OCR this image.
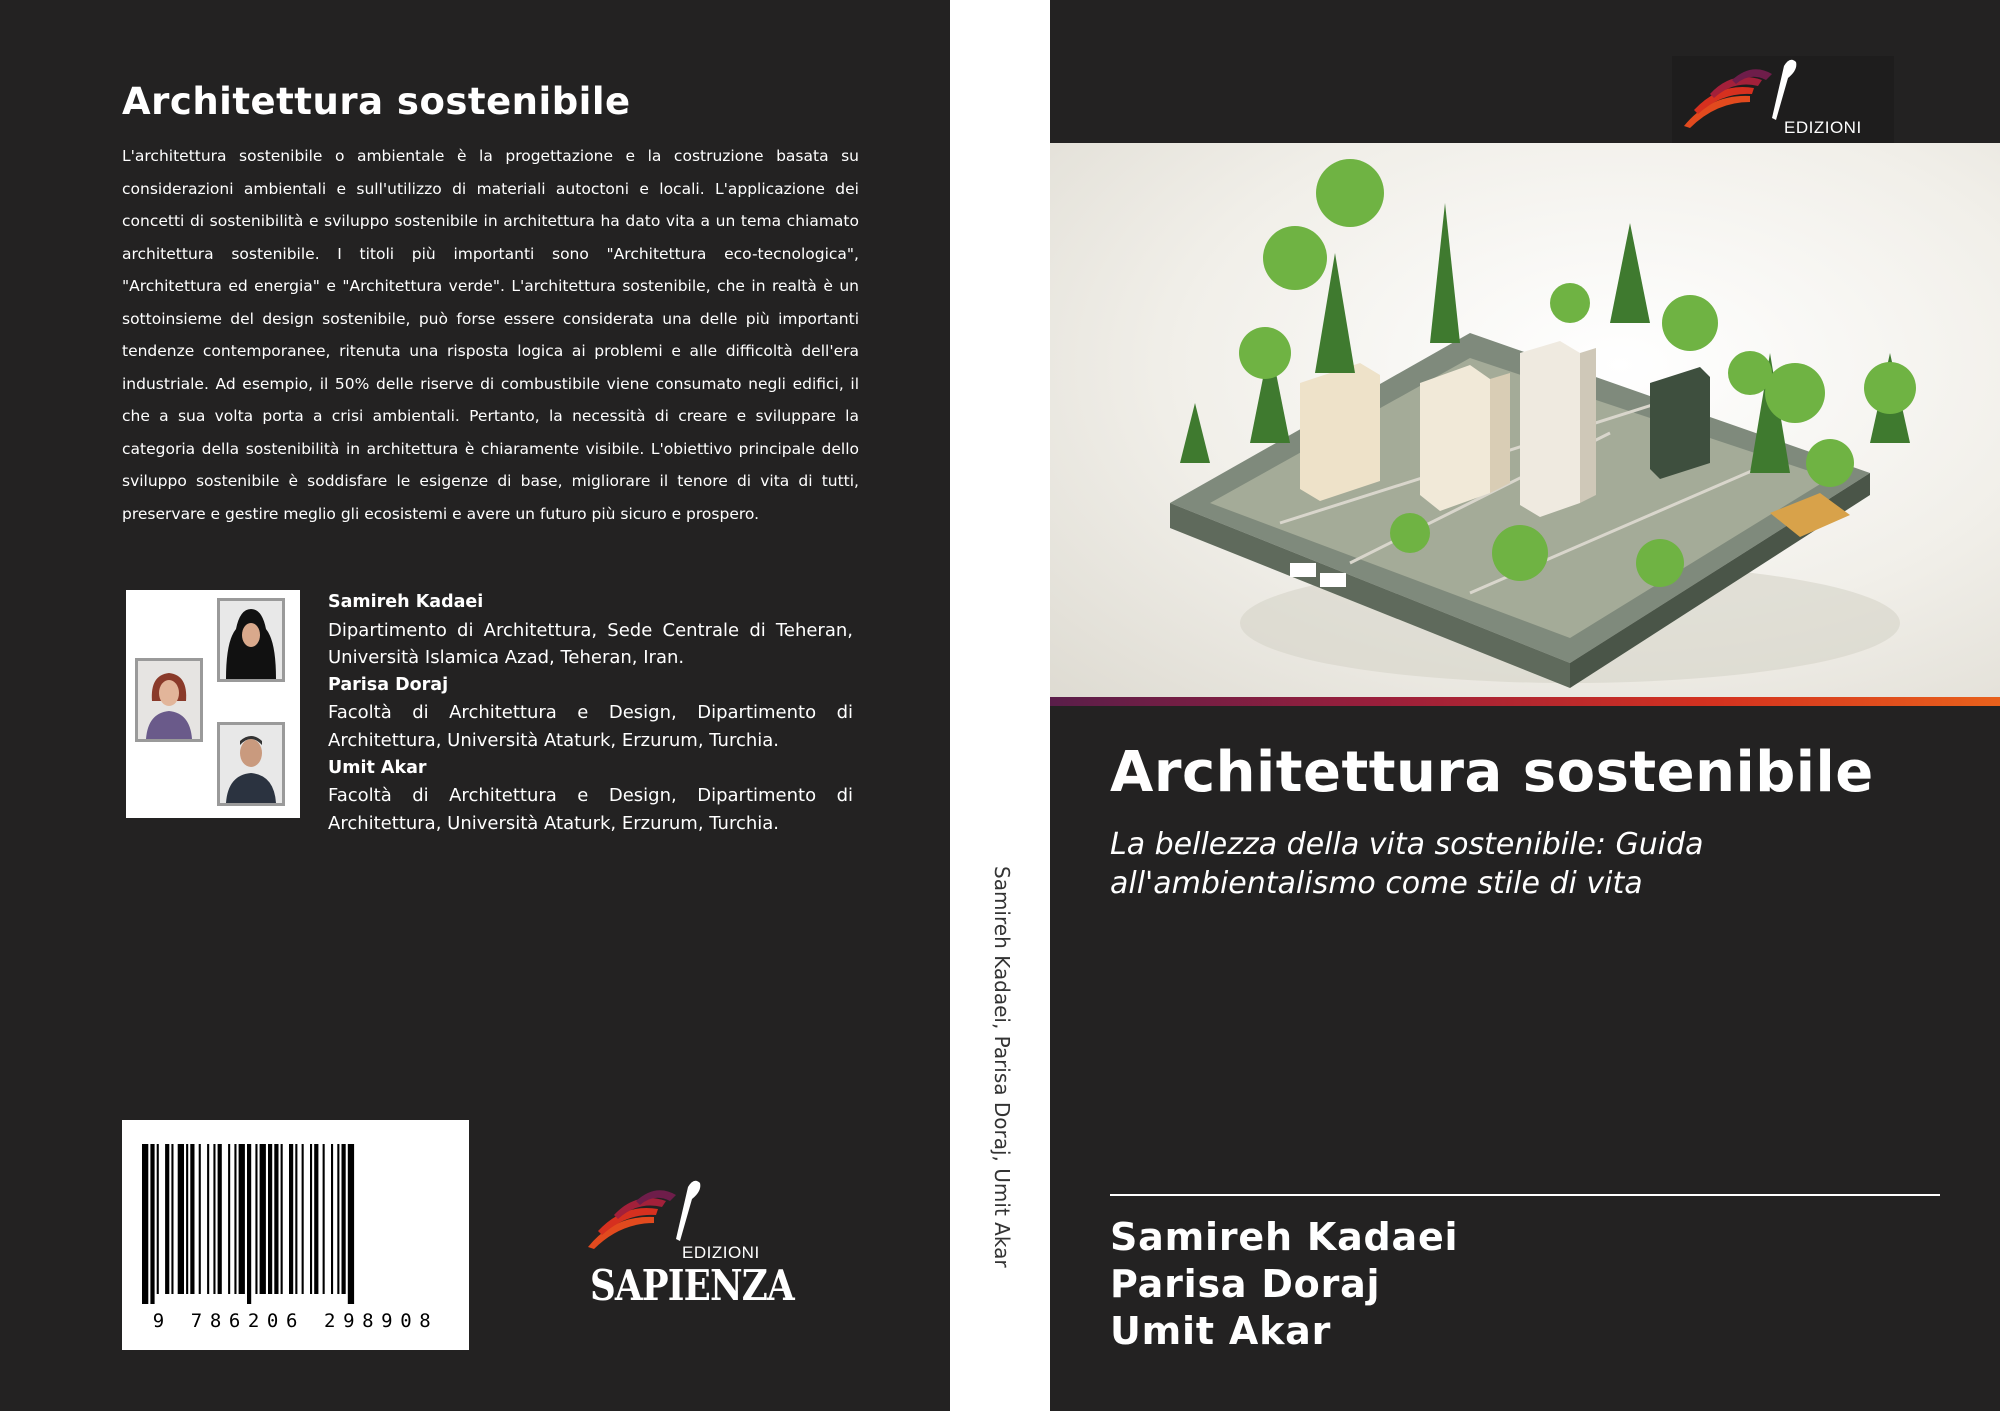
Architettura sostenibile

L'architettura sostenibile o ambientale è la progettazione e la costruzione basata su considerazioni ambientali e sull'utilizzo di materiali autoctoni e locali. L'applicazione dei concetti di sostenibilità e sviluppo sostenibile in architettura ha dato vita a un tema chiamato architettura sostenibile. I titoli più importanti sono "Architettura eco-tecnologica", "Architettura ed energia" e "Architettura verde". L'architettura sostenibile, che in realtà è un sottoinsieme del design sostenibile, può forse essere considerata una delle più importanti tendenze contemporanee, ritenuta una risposta logica ai problemi e alle difficoltà dell'era industriale. Ad esempio, il 50% delle riserve di combustibile viene consumato negli edifici, il che a sua volta porta a crisi ambientali. Pertanto, la necessità di creare e sviluppare la categoria della sostenibilità in architettura è chiaramente visibile. L'obiettivo principale dello sviluppo sostenibile è soddisfare le esigenze di base, migliorare il tenore di vita di tutti, preservare e gestire meglio gli ecosistemi e avere un futuro più sicuro e prospero.

Samireh Kadaei
Dipartimento di Architettura, Sede Centrale di Teheran,
Università Islamica Azad, Teheran, Iran.
Parisa Doraj
Facoltà di Architettura e Design, Dipartimento di
Architettura, Università Ataturk, Erzurum, Turchia.
Umit Akar
Facoltà di Architettura e Design, Dipartimento di
Architettura, Università Ataturk, Erzurum, Turchia.
9 786206 298908
EDIZIONI
SAPIENZA
Samireh Kadaei, Parisa Doraj, Umit Akar
EDIZIONI
Architettura sostenibile

La bellezza della vita sostenibile: Guida
all'ambientalismo come stile di vita

Samireh Kadaei
Parisa Doraj
Umit Akar
